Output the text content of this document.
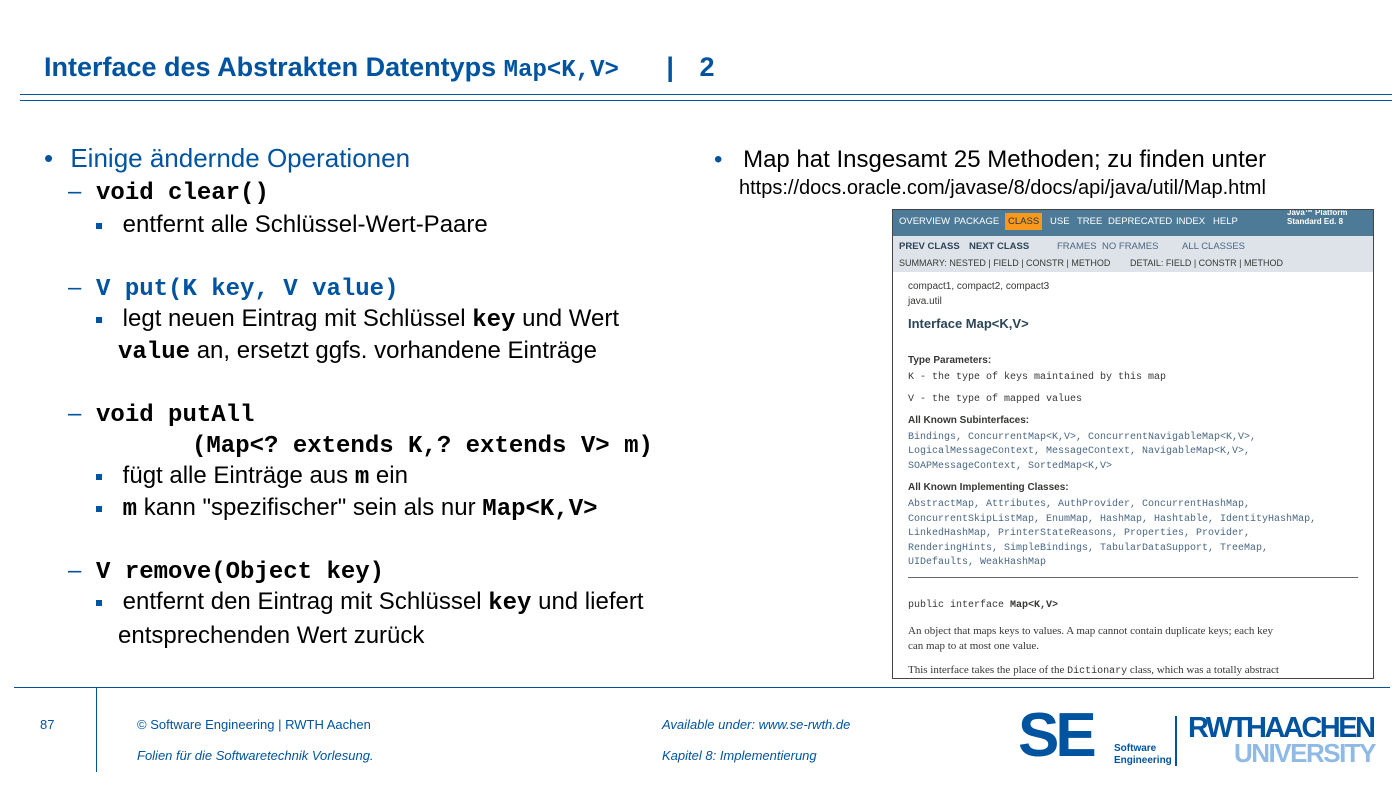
Interface des Abstrakten Datentyps Map<K,V> | 2
• Einige ändernde Operationen
– void clear()
entfernt alle Schlüssel-Wert-Paare
– V put(K key, V value)
legt neuen Eintrag mit Schlüssel key und Wert
value an, ersetzt ggfs. vorhandene Einträge
– void putAll
(Map<? extends K,? extends V> m)
fügt alle Einträge aus m ein
m kann "spezifischer" sein als nur Map<K,V>
– V remove(Object key)
entfernt den Eintrag mit Schlüssel key und liefert
entsprechenden Wert zurück
• Map hat Insgesamt 25 Methoden; zu finden unter
https://docs.oracle.com/javase/8/docs/api/java/util/Map.html
OVERVIEW PACKAGE CLASS	USE TREE DEPRECATED INDEX HELP
Java™ Platform Standard Ed. 8
PREV CLASS NEXT CLASS	FRAMES NO FRAMES ALL CLASSES
SUMMARY: NESTED | FIELD | CONSTR | METHOD DETAIL: FIELD | CONSTR | METHOD
compact1, compact2, compact3
java.util
Interface Map<K,V>
Type Parameters:
K - the type of keys maintained by this map
V - the type of mapped values
All Known Subinterfaces:
Bindings, ConcurrentMap<K,V>, ConcurrentNavigableMap<K,V>,
LogicalMessageContext, MessageContext, NavigableMap<K,V>,
SOAPMessageContext, SortedMap<K,V>
All Known Implementing Classes:
AbstractMap, Attributes, AuthProvider, ConcurrentHashMap,
ConcurrentSkipListMap, EnumMap, HashMap, Hashtable, IdentityHashMap,
LinkedHashMap, PrinterStateReasons, Properties, Provider,
RenderingHints, SimpleBindings, TabularDataSupport, TreeMap,
UIDefaults, WeakHashMap
public interface Map<K,V>
An object that maps keys to values. A map cannot contain duplicate keys; each key
can map to at most one value.
This interface takes the place of the Dictionary class, which was a totally abstract
87	© Software Engineering | RWTH Aachen
Folien für die Softwaretechnik Vorlesung.
Available under: www.se-rwth.de
Kapitel 8: Implementierung	SE Software
Engineering
RWTHAACHEN
UNIVERSITY
